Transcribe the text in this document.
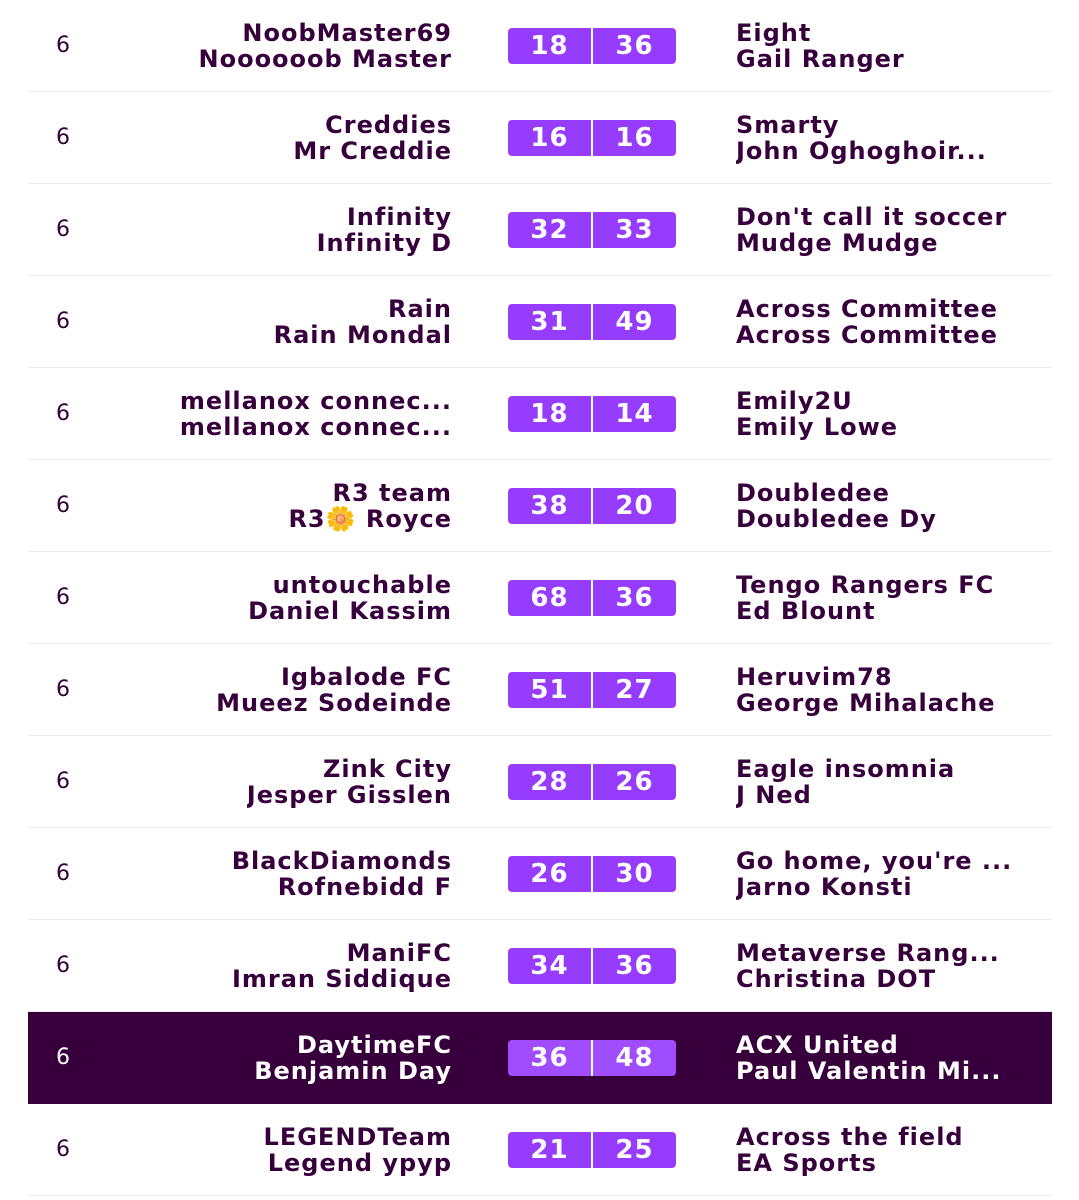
6	NoobMaster69
Noooooob Master	18	36	Eight
Gail Ranger
6	Creddies
Mr Creddie	16	16	Smarty
John Oghoghoir...
6	Infinity
Infinity D	32	33	Don't call it soccer
Mudge Mudge
6	Rain
Rain Mondal	31	49	Across Committee
Across Committee
6	mellanox connec...
mellanox connec...	18	14	Emily2U
Emily Lowe
6	R3 team
R3🌼 Royce	38	20	Doubledee
Doubledee Dy
6	untouchable
Daniel Kassim	68	36	Tengo Rangers FC
Ed Blount
6	Igbalode FC
Mueez Sodeinde	51	27	Heruvim78
George Mihalache
6	Zink City
Jesper Gisslen	28	26	Eagle insomnia
J Ned
6	BlackDiamonds
Rofnebidd F	26	30	Go home, you're ...
Jarno Konsti
6	ManiFC
Imran Siddique	34	36	Metaverse Rang...
Christina DOT
6	DaytimeFC
Benjamin Day	36	48	ACX United
Paul Valentin Mi...
6	LEGENDTeam
Legend ypyp	21	25	Across the field
EA Sports
